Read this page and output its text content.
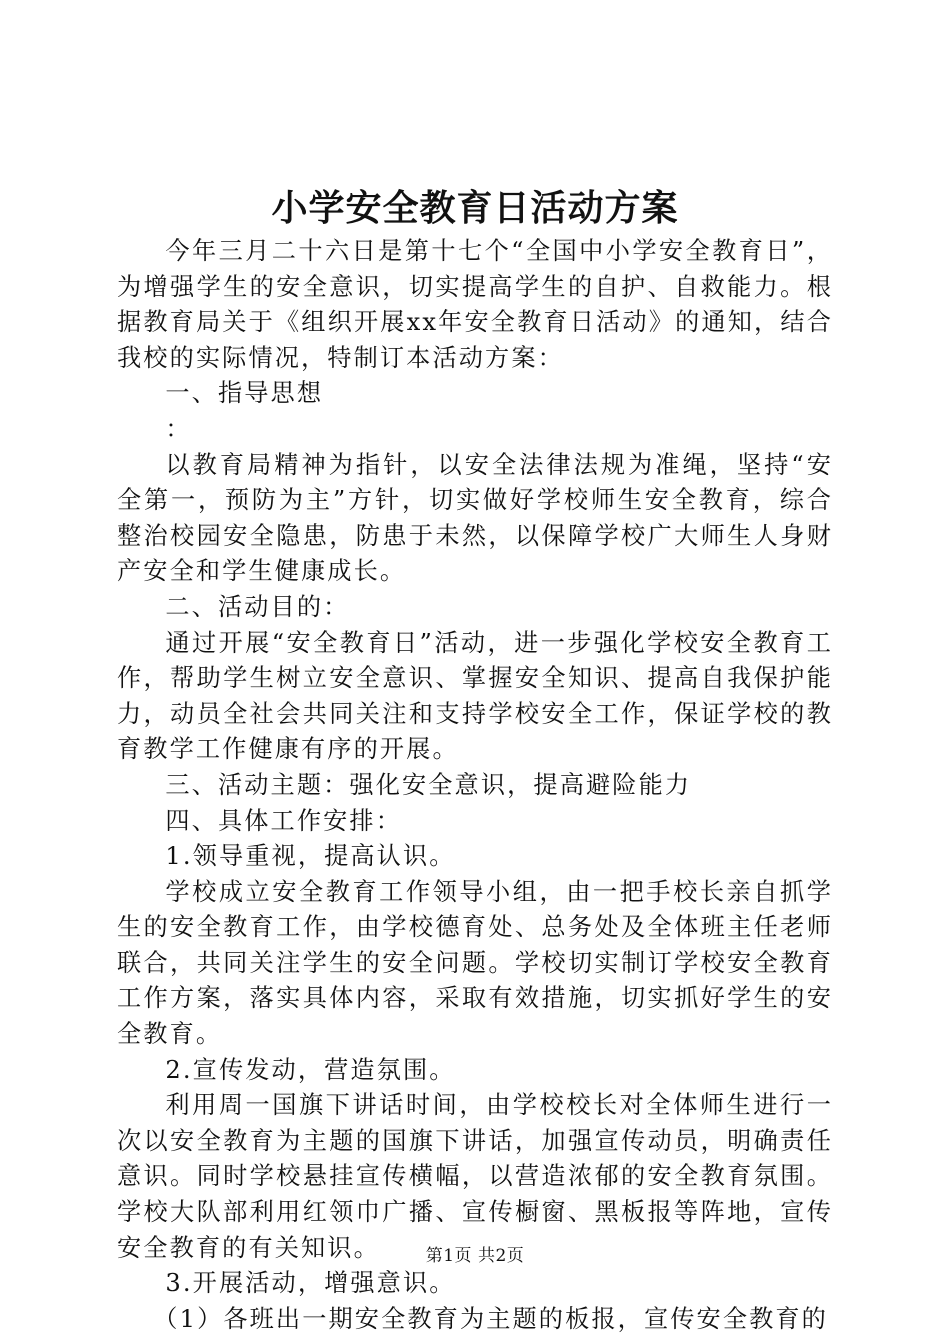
小学安全教育日活动方案

今年三月二十六日是第十七个“全国中小学安全教育日”，为增强学生的安全意识，切实提高学生的自护、自救能力。根据教育局关于《组织开展xx年安全教育日活动》的通知，结合我校的实际情况，特制订本活动方案：

一、指导思想

：

以教育局精神为指针，以安全法律法规为准绳，坚持“安全第一，预防为主”方针，切实做好学校师生安全教育，综合整治校园安全隐患，防患于未然，以保障学校广大师生人身财产安全和学生健康成长。

二、活动目的：

通过开展“安全教育日”活动，进一步强化学校安全教育工作，帮助学生树立安全意识、掌握安全知识、提高自我保护能力，动员全社会共同关注和支持学校安全工作，保证学校的教育教学工作健康有序的开展。

三、活动主题：强化安全意识，提高避险能力

四、具体工作安排：

1.领导重视，提高认识。

学校成立安全教育工作领导小组，由一把手校长亲自抓学生的安全教育工作，由学校德育处、总务处及全体班主任老师联合，共同关注学生的安全问题。学校切实制订学校安全教育工作方案，落实具体内容，采取有效措施，切实抓好学生的安全教育。

2.宣传发动，营造氛围。

利用周一国旗下讲话时间，由学校校长对全体师生进行一次以安全教育为主题的国旗下讲话，加强宣传动员，明确责任意识。同时学校悬挂宣传横幅，以营造浓郁的安全教育氛围。学校大队部利用红领巾广播、宣传橱窗、黑板报等阵地，宣传安全教育的有关知识。

3.开展活动，增强意识。

（1）各班出一期安全教育为主题的板报，宣传安全教育的

第1页 共2页
